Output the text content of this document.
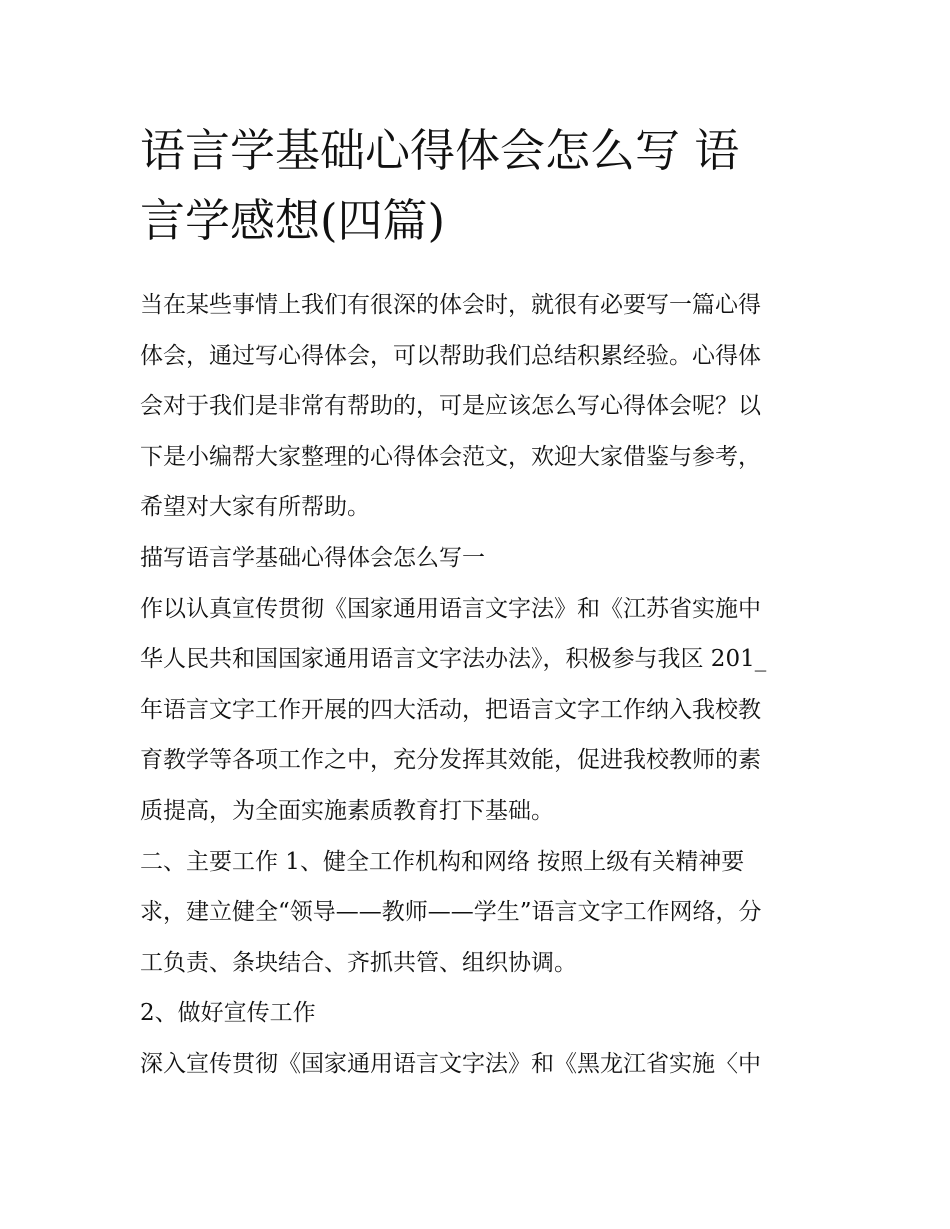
语言学基础心得体会怎么写 语
言学感想(四篇)
当在某些事情上我们有很深的体会时，就很有必要写一篇心得
体会，通过写心得体会，可以帮助我们总结积累经验。心得体
会对于我们是非常有帮助的，可是应该怎么写心得体会呢？以
下是小编帮大家整理的心得体会范文，欢迎大家借鉴与参考，
希望对大家有所帮助。
描写语言学基础心得体会怎么写一
作以认真宣传贯彻《国家通用语言文字法》和《江苏省实施中
华人民共和国国家通用语言文字法办法》，积极参与我区 201_
年语言文字工作开展的四大活动，把语言文字工作纳入我校教
育教学等各项工作之中，充分发挥其效能，促进我校教师的素
质提高，为全面实施素质教育打下基础。
二、主要工作 1、健全工作机构和网络 按照上级有关精神要
求，建立健全“领导——教师——学生”语言文字工作网络，分
工负责、条块结合、齐抓共管、组织协调。
2、做好宣传工作
深入宣传贯彻《国家通用语言文字法》和《黑龙江省实施〈中
